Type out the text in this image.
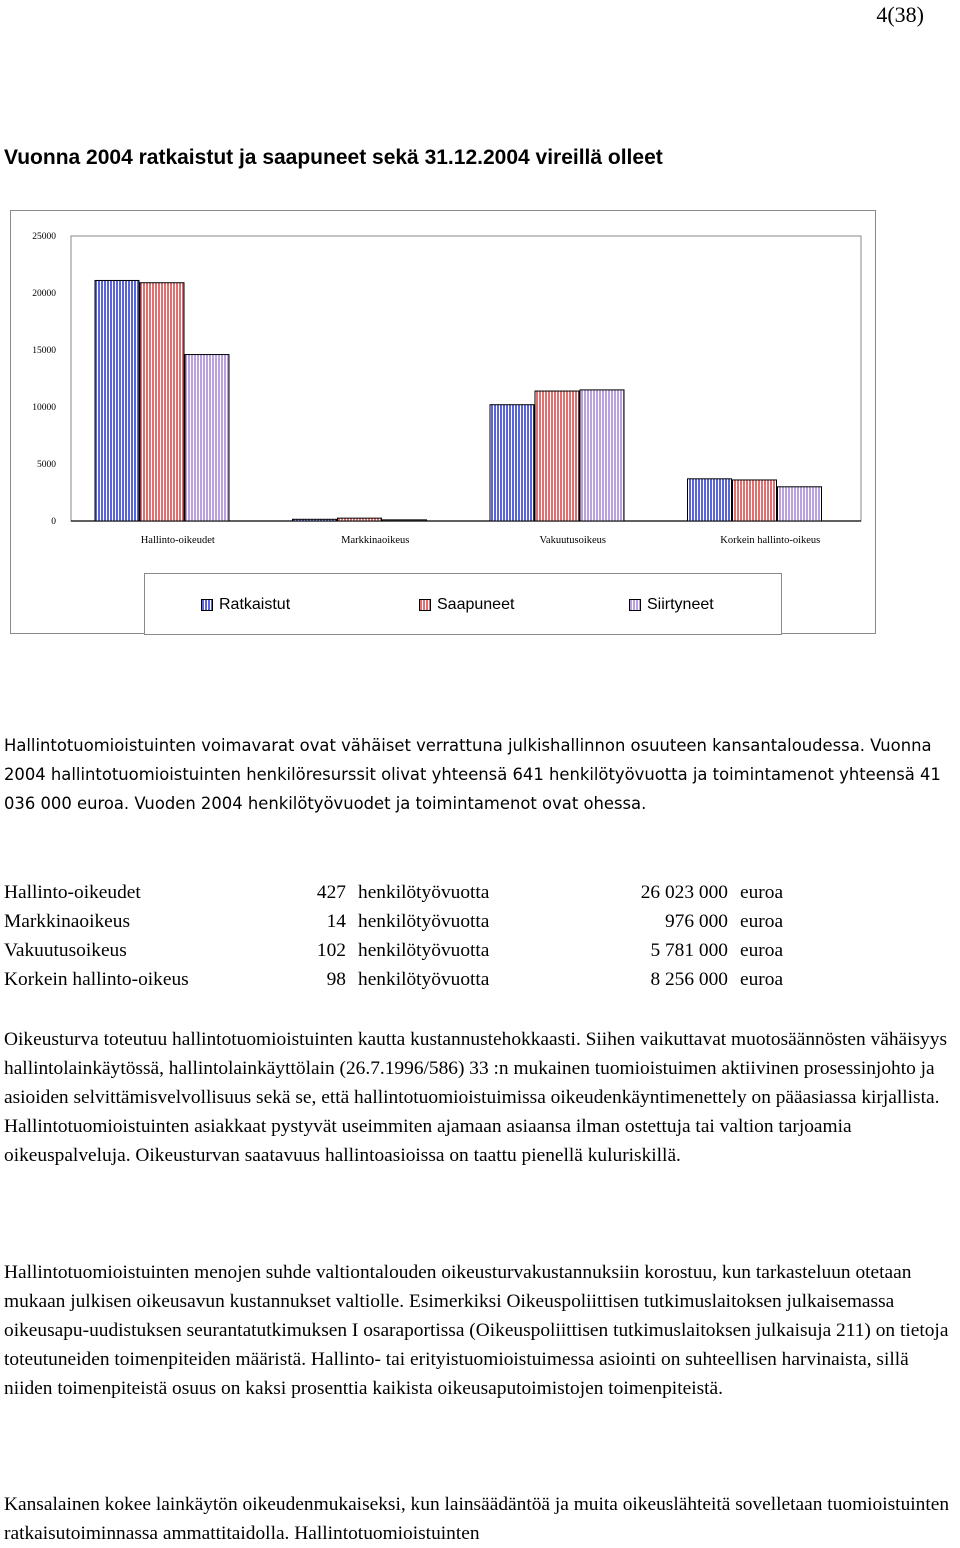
4(38)
Vuonna 2004 ratkaistut ja saapuneet sekä 31.12.2004 vireillä olleet
0
5000
10000
15000
20000
25000
Hallinto-oikeudet	Markkinaoikeus	Vakuutusoikeus	Korkein hallinto-oikeus
Ratkaistut	Saapuneet	Siirtyneet

Hallintotuomioistuinten voimavarat ovat vähäiset verrattuna julkishallinnon osuuteen kansantaloudessa. Vuonna 2004 hallintotuomioistuinten henkilöresurssit olivat yhteensä 641 henkilötyövuotta ja toimintamenot yhteensä 41 036 000 euroa. Vuoden 2004 henkilötyövuodet ja toimintamenot ovat ohessa.

Hallinto-oikeudet	427 henkilötyövuotta	26 023 000 euroa
Markkinaoikeus	14 henkilötyövuotta	976 000 euroa
Vakuutusoikeus	102 henkilötyövuotta	5 781 000 euroa
Korkein hallinto-oikeus	98 henkilötyövuotta	8 256 000 euroa

Oikeusturva toteutuu hallintotuomioistuinten kautta kustannustehokkaasti. Siihen vaikuttavat muotosäännösten vähäisyys hallintolainkäytössä, hallintolainkäyttölain (26.7.1996/586) 33 :n mukainen tuomioistuimen aktiivinen prosessinjohto ja asioiden selvittämisvelvollisuus sekä se, että hallintotuomioistuimissa oikeudenkäyntimenettely on pääasiassa kirjallista. Hallintotuomioistuinten asiakkaat pystyvät useimmiten ajamaan asiaansa ilman ostettuja tai valtion tarjoamia oikeuspalveluja. Oikeusturvan saatavuus hallintoasioissa on taattu pienellä kuluriskillä.

Hallintotuomioistuinten menojen suhde valtiontalouden oikeusturvakustannuksiin korostuu, kun tarkasteluun otetaan mukaan julkisen oikeusavun kustannukset valtiolle. Esimerkiksi Oikeuspoliittisen tutkimuslaitoksen julkaisemassa oikeusapu-uudistuksen seurantatutkimuksen I osaraportissa (Oikeuspoliittisen tutkimuslaitoksen julkaisuja 211) on tietoja toteutuneiden toimenpiteiden määristä. Hallinto- tai erityistuomioistuimessa asiointi on suhteellisen harvinaista, sillä niiden toimenpiteistä osuus on kaksi prosenttia kaikista oikeusaputoimistojen toimenpiteistä.

Kansalainen kokee lainkäytön oikeudenmukaiseksi, kun lainsäädäntöä ja muita oikeuslähteitä sovelletaan tuomioistuinten ratkaisutoiminnassa ammattitaidolla. Hallintotuomioistuinten
